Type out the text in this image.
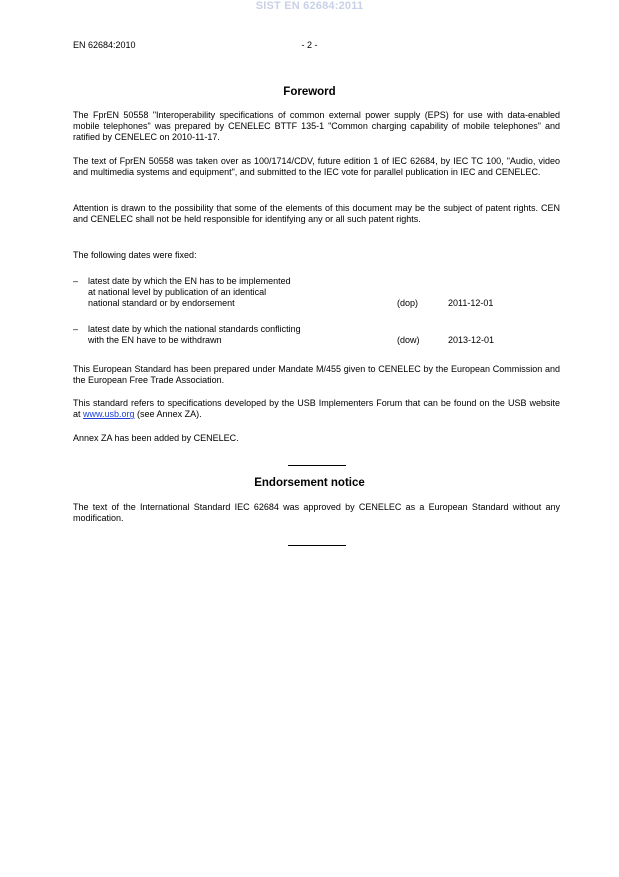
SIST EN 62684:2011
EN 62684:2010	- 2 -
Foreword

The FprEN 50558 "Interoperability specifications of common external power supply (EPS) for use with data-enabled mobile telephones" was prepared by CENELEC BTTF 135-1 "Common charging capability of mobile telephones" and ratified by CENELEC on 2010-11-17.

The text of FprEN 50558 was taken over as 100/1714/CDV, future edition 1 of IEC 62684, by IEC TC 100, "Audio, video and multimedia systems and equipment", and submitted to the IEC vote for parallel publication in IEC and CENELEC.

Attention is drawn to the possibility that some of the elements of this document may be the subject of patent rights. CEN and CENELEC shall not be held responsible for identifying any or all such patent rights.

The following dates were fixed:

– latest date by which the EN has to be implemented
at national level by publication of an identical
national standard or by endorsement	(dop)	2011-12-01
– latest date by which the national standards conflicting
with the EN have to be withdrawn	(dow)	2013-12-01

This European Standard has been prepared under Mandate M/455 given to CENELEC by the European Commission and the European Free Trade Association.

This standard refers to specifications developed by the USB Implementers Forum that can be found on the USB website at www.usb.org (see Annex ZA).

Annex ZA has been added by CENELEC.

Endorsement notice

The text of the International Standard IEC 62684 was approved by CENELEC as a European Standard without any modification.
